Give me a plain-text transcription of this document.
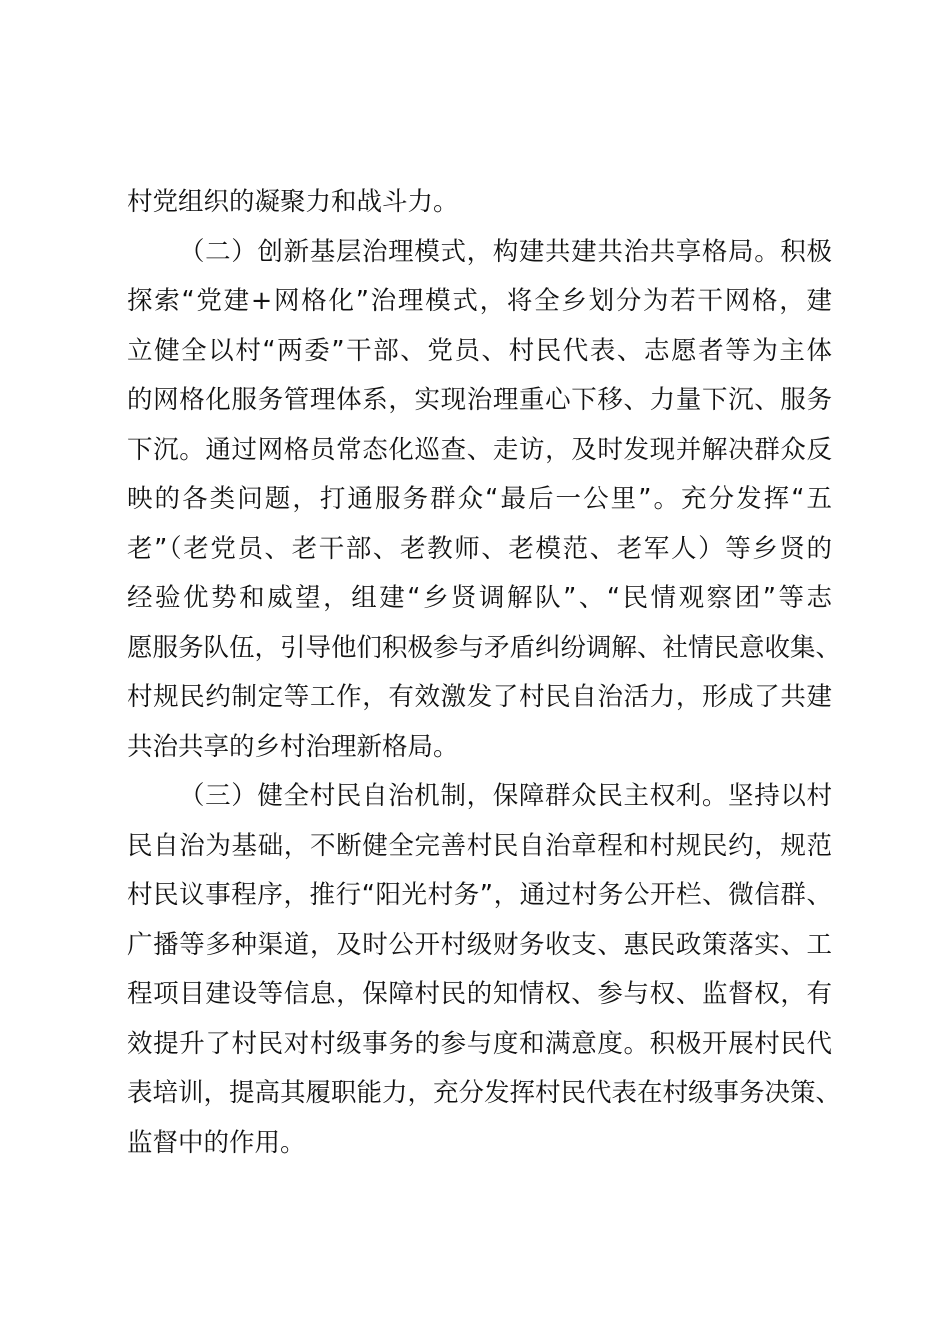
村党组织的凝聚力和战斗力。
（二）创新基层治理模式，构建共建共治共享格局。积极
探索“党建+网格化”治理模式，将全乡划分为若干网格，建
立健全以村“两委”干部、党员、村民代表、志愿者等为主体
的网格化服务管理体系，实现治理重心下移、力量下沉、服务
下沉。通过网格员常态化巡查、走访，及时发现并解决群众反
映的各类问题，打通服务群众“最后一公里”。充分发挥“五
老”（老党员、老干部、老教师、老模范、老军人）等乡贤的
经验优势和威望，组建“乡贤调解队”、“民情观察团”等志
愿服务队伍，引导他们积极参与矛盾纠纷调解、社情民意收集、
村规民约制定等工作，有效激发了村民自治活力，形成了共建
共治共享的乡村治理新格局。
（三）健全村民自治机制，保障群众民主权利。坚持以村
民自治为基础，不断健全完善村民自治章程和村规民约，规范
村民议事程序，推行“阳光村务”，通过村务公开栏、微信群、
广播等多种渠道，及时公开村级财务收支、惠民政策落实、工
程项目建设等信息，保障村民的知情权、参与权、监督权，有
效提升了村民对村级事务的参与度和满意度。积极开展村民代
表培训，提高其履职能力，充分发挥村民代表在村级事务决策、
监督中的作用。
